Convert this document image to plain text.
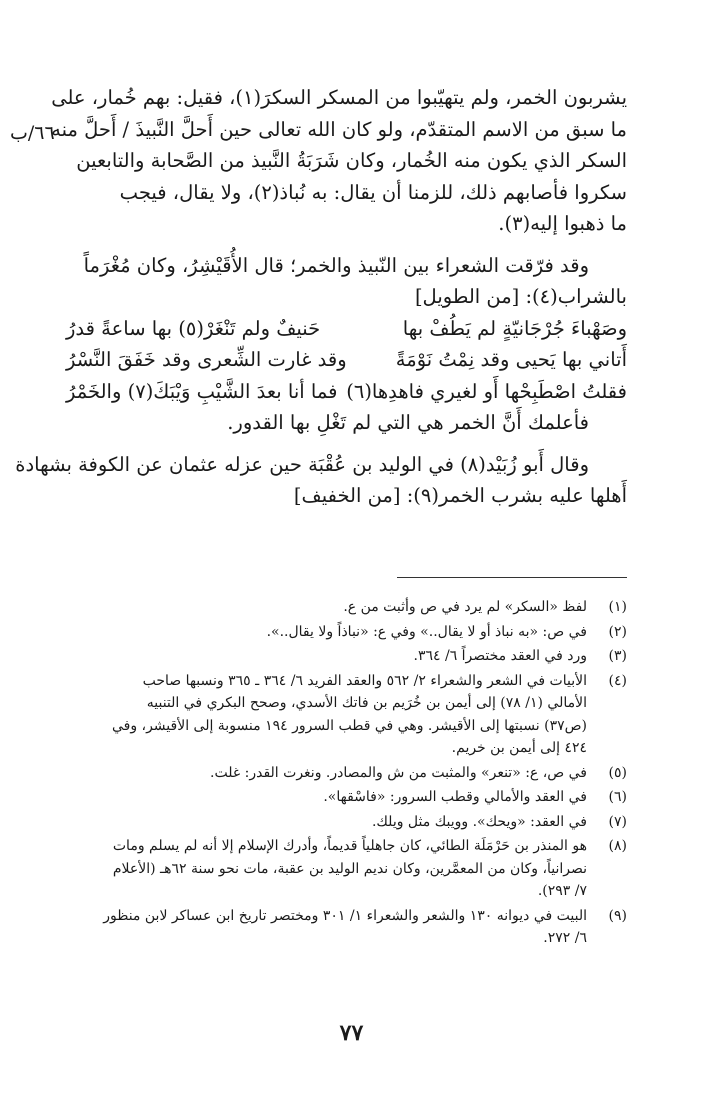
٦٦/ب
يشربون الخمر، ولم يتهيّبوا من المسكر السكرَ(١)، فقيل: بهم خُمار، على
ما سبق من الاسم المتقدّم، ولو كان الله تعالى حين أَحلَّ النَّبيذَ / أَحلَّ منه
السكر الذي يكون منه الخُمار، وكان شَرَبَةُ النَّبيذ من الصَّحابة والتابعين
سكروا فأصابهم ذلك، للزمنا أن يقال: به نُباذ(٢)، ولا يقال، فيجب
ما ذهبوا إليه(٣).
وقد فرّقت الشعراء بين النّبيذ والخمر؛ قال الأُقَيْشِرُ، وكان مُغْرَماً
بالشراب(٤): [من الطويل]
وصَهْباءَ جُرْجَانيّةٍ لم يَطُفْ بها
حَنيفٌ ولم تَنْغَرْ(٥) بها ساعةً قدرُ
أَتاني بها يَحيى وقد نِمْتُ نَوْمَةً
وقد غارت الشِّعرى وقد خَفَقَ النَّسْرُ
فقلتُ اصْطَبِحْها أَو لغيري فاهدِها(٦)
فما أنا بعدَ الشَّيْبِ وَيْبَكَ(٧) والخَمْرُ
فأعلمك أَنَّ الخمر هي التي لم تَغْلِ بها القدور.
وقال أَبو زُبَيْد(٨) في الوليد بن عُقْبَة حين عزله عثمان عن الكوفة بشهادة
أَهلها عليه بشرب الخمر(٩): [من الخفيف]
(١)
لفظ «السكر» لم يرد في ص وأثبت من ع.
(٢)
في ص: «به نباذ أو لا يقال..» وفي ع: «نباذاً ولا يقال..».
(٣)
ورد في العقد مختصراً ٦/ ٣٦٤.
(٤)
الأبيات في الشعر والشعراء ٢/ ٥٦٢ والعقد الفريد ٦/ ٣٦٤ ـ ٣٦٥ ونسبها صاحب
الأمالي (١/ ٧٨) إلى أيمن بن خُرَيم بن فاتك الأسدي، وصحح البكري في التنبيه
(ص٣٧) نسبتها إلى الأقيشر. وهي في قطب السرور ١٩٤ منسوبة إلى الأقيشر، وفي
٤٢٤ إلى أيمن بن خريم.
(٥)
في ص، ع: «تنعر» والمثبت من ش والمصادر. ونغرت القدر: غلت.
(٦)
في العقد والأمالي وقطب السرور: «فاسْقها».
(٧)
في العقد: «ويحك». وويبك مثل ويلك.
(٨)
هو المنذر بن حَرْمَلَة الطائي، كان جاهلياً قديماً، وأدرك الإسلام إلا أنه لم يسلم ومات
نصرانياً، وكان من المعمَّرين، وكان نديم الوليد بن عقبة، مات نحو سنة ٦٢هـ (الأعلام
٧/ ٢٩٣).
(٩)
البيت في ديوانه ١٣٠ والشعر والشعراء ١/ ٣٠١ ومختصر تاريخ ابن عساكر لابن منظور
٦/ ٢٧٢.
٧٧
